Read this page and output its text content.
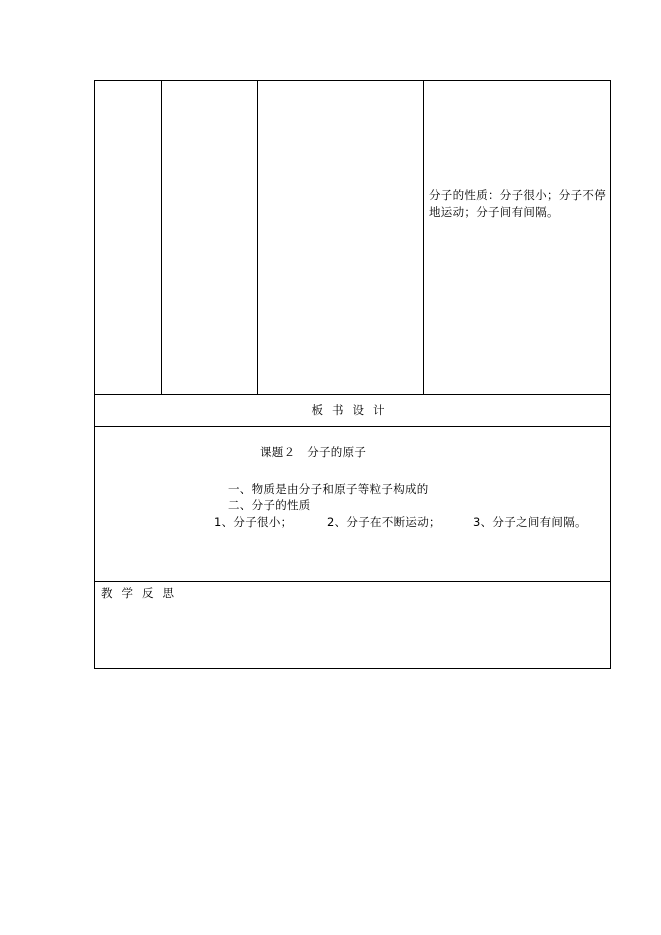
分子的性质：分子很小；分子不停地运动；分子间有间隔。
板书设计
课题２　分子的原子
一、物质是由分子和原子等粒子构成的
二、分子的性质
1、分子很小；	2、分子在不断运动；	3、分子之间有间隔。
教学反思
